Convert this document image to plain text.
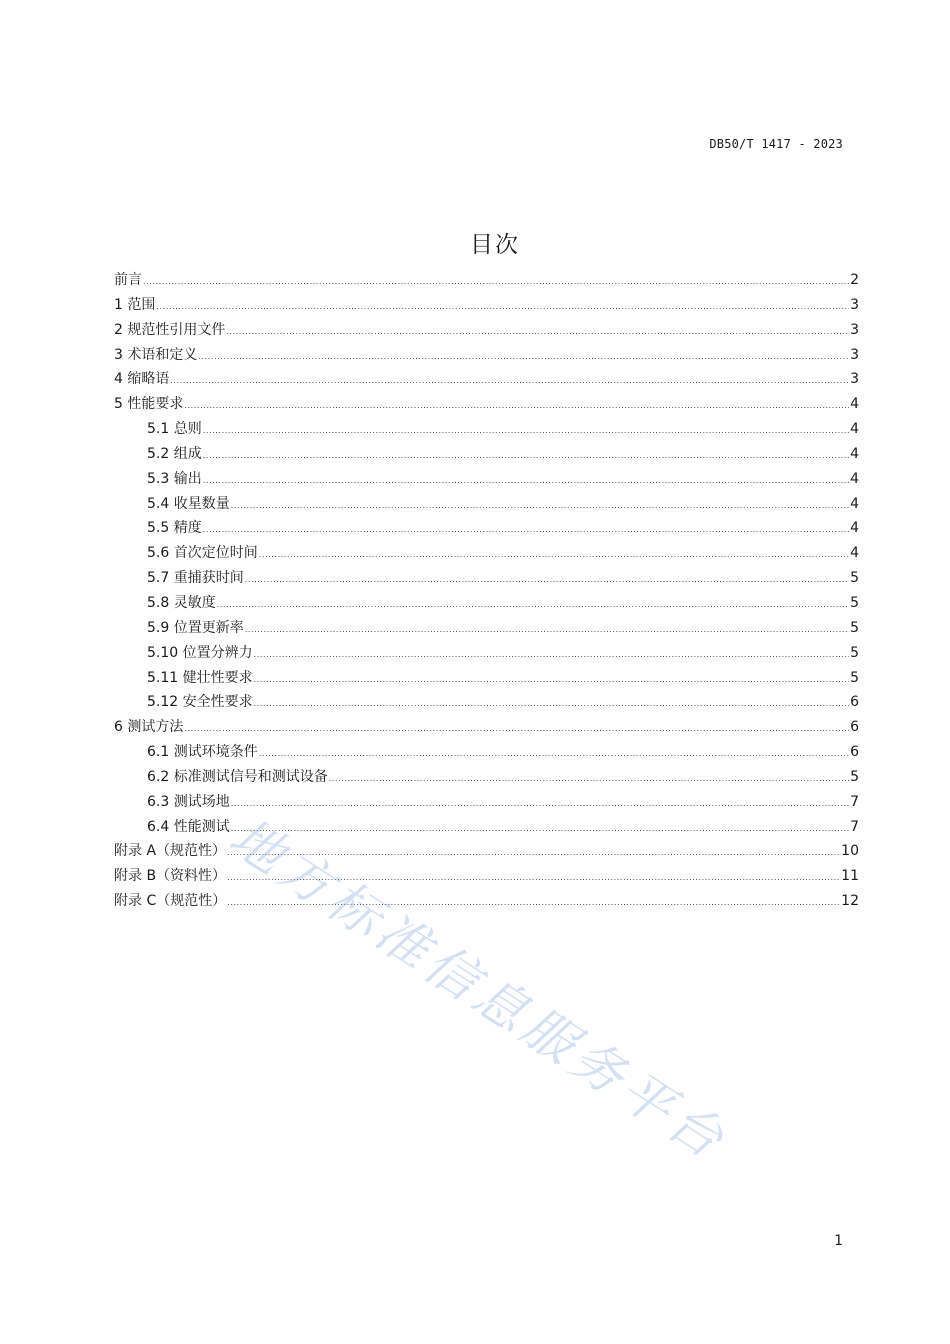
DB50/T 1417 - 2023
目次
前言 .....	2
1 范围 .....	3
2 规范性引用文件 .....	3
3 术语和定义 .....	3
4 缩略语 .....	3
5 性能要求 .....	4
5.1 总则 .....	4
5.2 组成 .....	4
5.3 输出 .....	4
5.4 收星数量 .....	4
5.5 精度 .....	4
5.6 首次定位时间 .....	4
5.7 重捕获时间 .....	5
5.8 灵敏度 .....	5
5.9 位置更新率 .....	5
5.10 位置分辨力 .....	5
5.11 健壮性要求 .....	5
5.12 安全性要求 .....	6
6 测试方法 .....	6
6.1 测试环境条件 .....	6
6.2 标准测试信号和测试设备 .....	5
6.3 测试场地 .....	7
6.4 性能测试 .....	7
附录 A（规范性） .....	10
附录 B（资料性） .....	11
附录 C（规范性） .....	12
地方标准信息服务平台
1
